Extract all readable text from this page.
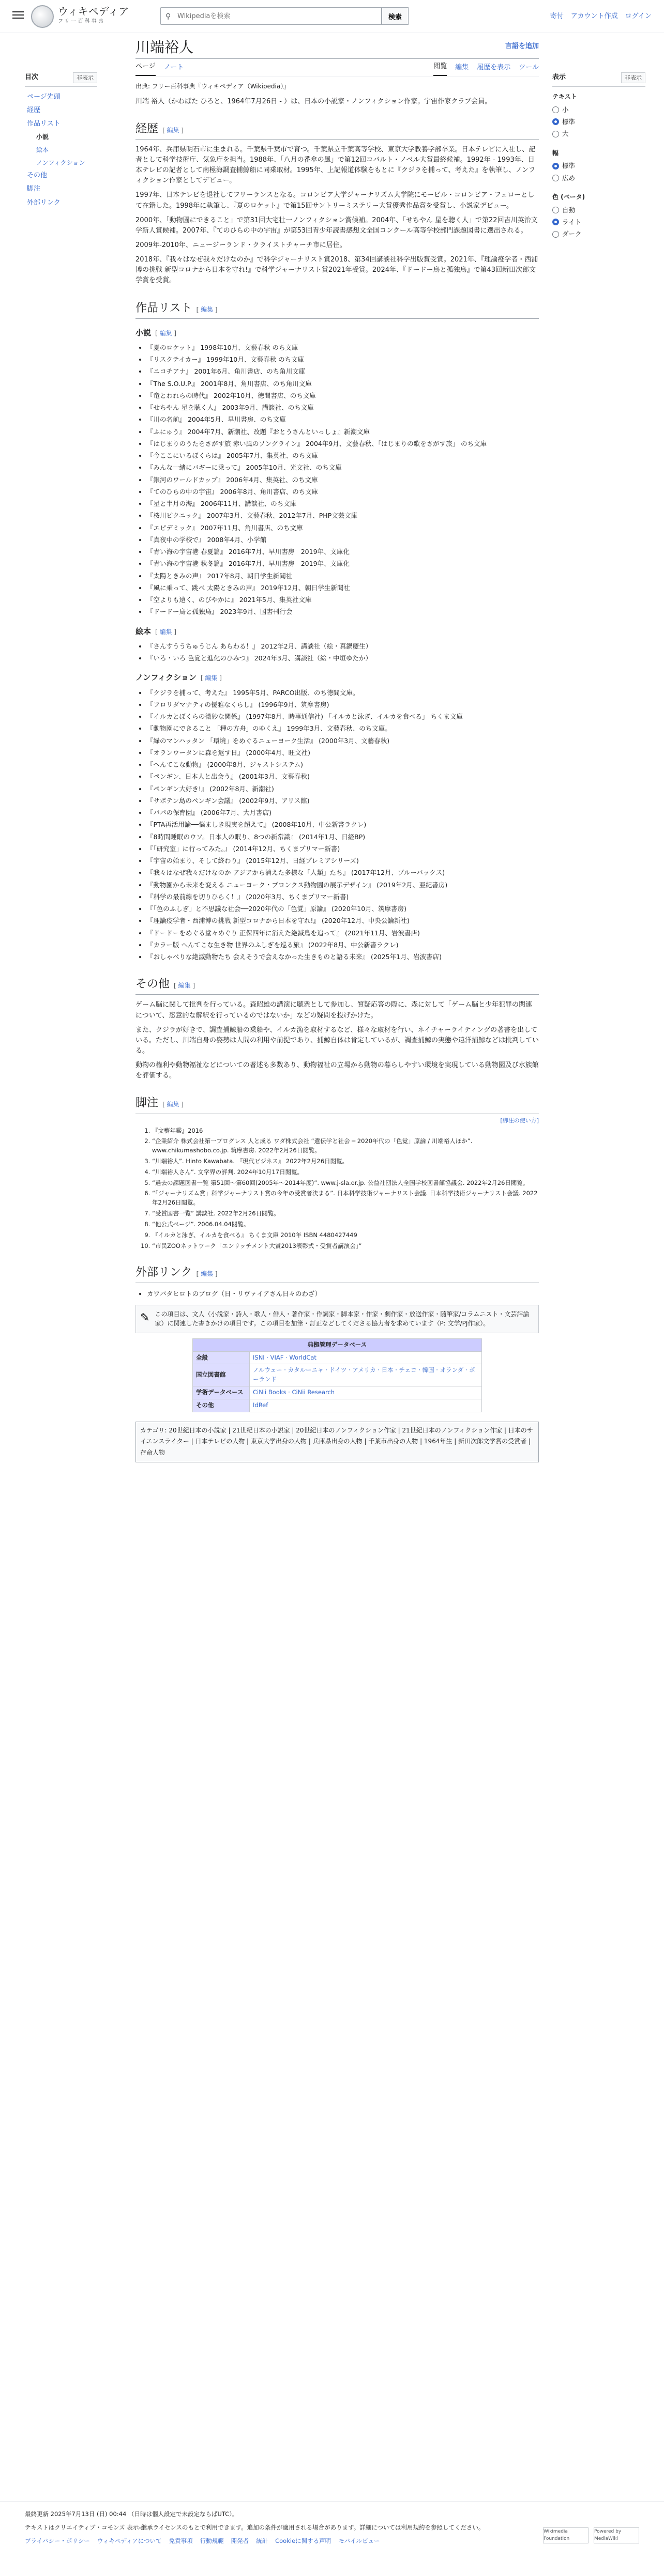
ウィキペディア
フリー百科事典
⚲
Wikipediaを検索	検索	寄付 アカウント作成 ログイン
目次	非表示
ページ先頭
経歴
作品リスト
小説
絵本
ノンフィクション
その他
脚注
外部リンク
川端裕人	言語を追加
ページ ノート	閲覧 編集 履歴を表示 ツール
出典: フリー百科事典『ウィキペディア（Wikipedia）』

川端 裕人（かわばた ひろと、1964年7月26日 - ）は、日本の小説家・ノンフィクション作家。宇宙作家クラブ会員。

経歴 [ 編集 ]

1964年、兵庫県明石市に生まれる。千葉県千葉市で育つ。千葉県立千葉高等学校、東京大学教養学部卒業。日本テレビに入社し、記者として科学技術庁、気象庁を担当。1988年、「八月の番傘の風」で第12回コバルト・ノベル大賞最終候補。1992年 - 1993年、日本テレビの記者として南極海調査捕鯨船に同乗取材。1995年、上記報道体験をもとに『クジラを捕って、考えた』を執筆し、ノンフィクション作家としてデビュー。

1997年、日本テレビを退社してフリーランスとなる。コロンビア大学ジャーナリズム大学院にモービル・コロンビア・フェローとして在籍した。1998年に執筆し、『夏のロケット』で第15回サントリーミステリー大賞優秀作品賞を受賞し、小説家デビュー。

2000年、「動物園にできること」で第31回大宅壮一ノンフィクション賞候補。2004年、「せちやん 星を聴く人」で第22回吉川英治文学新人賞候補。2007年、『てのひらの中の宇宙』が第53回青少年読書感想文全国コンクール高等学校部門課題図書に選出される。

2009年-2010年、ニュージーランド・クライストチャーチ市に居住。

2018年、『我々はなぜ我々だけなのか』で科学ジャーナリスト賞2018、第34回講談社科学出版賞受賞。2021年、『理論疫学者・西浦博の挑戦 新型コロナから日本を守れ!』で科学ジャーナリスト賞2021年受賞。2024年、『ドードー鳥と孤独鳥』で第43回新田次郎文学賞を受賞。

作品リスト [ 編集 ]
小説 [ 編集 ]
• 『夏のロケット』 1998年10月、文藝春秋 のち文庫
• 『リスクテイカー』 1999年10月、文藝春秋 のち文庫
• 『ニコチアナ』 2001年6月、角川書店、のち角川文庫
• 『The S.O.U.P.』 2001年8月、角川書店、のち角川文庫
• 『竜とわれらの時代』 2002年10月、徳間書店、のち文庫
• 『せちやん 星を聴く人』 2003年9月、講談社、のち文庫
• 『川の名前』 2004年5月、早川書房、のち文庫
• 『ふにゅう』 2004年7月、新潮社、改題『おとうさんといっしょ』新潮文庫
• 『はじまりのうたをさがす旅 赤い風のソングライン』 2004年9月、文藝春秋、「はじまりの歌をさがす旅」 のち文庫
• 『今ここにいるぼくらは』 2005年7月、集英社、のち文庫
• 『みんな一緒にバギーに乗って』 2005年10月、光文社、のち文庫
• 『銀河のワールドカップ』 2006年4月、集英社、のち文庫
• 『てのひらの中の宇宙』 2006年8月、角川書店、のち文庫
• 『星と半月の海』 2006年11月、講談社、のち文庫
• 『桜川ピクニック』 2007年3月、文藝春秋、2012年7月、PHP文芸文庫
• 『エピデミック』 2007年11月、角川書店、のち文庫
• 『真夜中の学校で』 2008年4月、小学館
• 『青い海の宇宙港 春夏篇』 2016年7月、早川書房　2019年、文庫化
• 『青い海の宇宙港 秋冬篇』 2016年7月、早川書房　2019年、文庫化
• 『太陽ときみの声』 2017年8月、朝日学生新聞社
• 『風に乗って、跳べ 太陽ときみの声』 2019年12月、朝日学生新聞社
• 『空よりも遠く、のびやかに』 2021年5月、集英社文庫
• 『ドードー鳥と孤独鳥』 2023年9月、国書刊行会
絵本 [ 編集 ]
• 『さんすううちゅうじん あらわる！』 2012年2月、講談社（絵・真鍋慶生）
• 『いろ・いろ 色覚と進化のひみつ』 2024年3月、講談社（絵・中垣ゆたか）
ノンフィクション [ 編集 ]
• 『クジラを捕って、考えた』 1995年5月、PARCO出版、のち徳間文庫。
• 『フロリダマナティの優雅なくらし』 (1996年9月、筑摩書房)
• 『イルカとぼくらの微妙な関係』 (1997年8月、時事通信社) 「イルカと泳ぎ、イルカを食べる」 ちくま文庫
• 『動物園にできること 「種の方舟」のゆくえ』 1999年3月、文藝春秋、のち文庫。
• 『緑のマンハッタン 「環境」をめぐるニューヨーク生活』 (2000年3月、文藝春秋)
• 『オランウータンに森を返す日』 (2000年4月、旺文社)
• 『へんてこな動物』 (2000年8月、ジャストシステム)
• 『ペンギン、日本人と出会う』 (2001年3月、文藝春秋)
• 『ペンギン大好き!』 (2002年8月、新潮社)
• 『サボテン島のペンギン会議』 (2002年9月、アリス館)
• 『パパの保育園』 (2006年7月、大月書店)
• 『PTA再活用論──悩ましき現実を超えて』 (2008年10月、中公新書ラクレ)
• 『8時間睡眠のウソ。日本人の眠り、8つの新常識』 (2014年1月、日経BP)
• 『「研究室」に行ってみた。』 (2014年12月、ちくまプリマー新書)
• 『宇宙の始まり、そして終わり』 (2015年12月、日経プレミアシリーズ)
• 『我々はなぜ我々だけなのか アジアから消えた多様な「人類」たち』 (2017年12月、ブルーバックス)
• 『動物園から未来を変える ニューヨーク・ブロンクス動物園の展示デザイン』 (2019年2月、亜紀書房)
• 『科学の最前線を切りひらく！』 (2020年3月、ちくまプリマー新書)
• 『「色のふしぎ」と不思議な社会──2020年代の「色覚」原論』 (2020年10月、筑摩書房)
• 『理論疫学者・西浦博の挑戦 新型コロナから日本を守れ!』 (2020年12月、中央公論新社)
• 『ドードーをめぐる堂々めぐり 正保四年に消えた絶滅鳥を追って』 (2021年11月、岩波書店)
• 『カラー版 へんてこな生き物 世界のふしぎを巡る旅』 (2022年8月、中公新書ラクレ)
• 『おしゃべりな絶滅動物たち 会えそうで会えなかった生きものと語る未来』 (2025年1月、岩波書店)
その他 [ 編集 ]

ゲーム脳に関して批判を行っている。森昭雄の講演に聴衆として参加し、質疑応答の際に、森に対して「ゲーム脳と少年犯罪の関連について、恣意的な解釈を行っているのではないか」などの疑問を投げかけた。

また、クジラが好きで、調査捕鯨船の乗船や、イルカ漁を取材するなど、様々な取材を行い、ネイチャーライティングの著書を出している。ただし、川端自身の姿勢は人間の利用や前提であり、捕鯨自体は肯定しているが、調査捕鯨の実態や遠洋捕鯨などは批判している。

動物の権利や動物福祉などについての著述も多数あり、動物福祉の立場から動物の暮らしやすい環境を実現している動物園及び水族館を評価する。

脚注 [ 編集 ]
[脚注の使い方]
1. 『文藝年鑑』2016
2. “企業紹介 株式会社第一プログレス 人と成る ワダ株式会社 “遺伝学と社会 ─ 2020年代の「色覚」原論 / 川端裕人ほか”. www.chikumashobo.co.jp. 筑摩書房. 2022年2月26日閲覧。
3. “川端裕人”. Hinto Kawabata. 『現代ビジネス』 2022年2月26日閲覧。
4. “川端裕人さん”. 文学界の評判. 2024年10月17日閲覧。
5. “過去の課題図書一覧 第51回～第60回(2005年～2014年度)”. www.j-sla.or.jp. 公益社団法人全国学校図書館協議会. 2022年2月26日閲覧。
6. “「ジャーナリズム賞」科学ジャーナリスト賞の今年の受賞者決まる”. 日本科学技術ジャーナリスト会議. 日本科学技術ジャーナリスト会議. 2022年2月26日閲覧。
7. “受賞図書一覧” 講談社. 2022年2月26日閲覧。
8. “他公式ページ”. 2006.04.04閲覧。
9. 『イルカと泳ぎ、イルカを食べる』 ちくま文庫 2010年 ISBN 4480427449
10. “市民ZOOネットワーク「エンリッチメント大賞2013表彰式・受賞者講演会」”
外部リンク [ 編集 ]
• カワバタヒロトのブログ（日・リヴァイアさん日々のわざ）
✎ この項目は、文人（小説家・詩人・歌人・俳人・著作家・作詞家・脚本家・作家・劇作家・放送作家・随筆家/コラムニスト・文芸評論家）に関連した書きかけの項目です。この項目を加筆・訂正などしてくださる協力者を求めています（P: 文学/PJ作家）。
典拠管理データベース	
全般	ISNI · VIAF · WorldCat
国立図書館	ノルウェー · カタルーニャ · ドイツ · アメリカ · 日本 · チェコ · 韓国 · オランダ · ポーランド
学術データベース	CiNii Books · CiNii Research
その他	IdRef
カテゴリ: 20世紀日本の小説家 | 21世紀日本の小説家 | 20世紀日本のノンフィクション作家 | 21世紀日本のノンフィクション作家 | 日本のサイエンスライター | 日本テレビの人物 | 東京大学出身の人物 | 兵庫県出身の人物 | 千葉市出身の人物 | 1964年生 | 新田次郎文学賞の受賞者 | 存命人物
表示	非表示
テキスト
小
標準
大
幅
標準
広め
色 (ベータ)
自動
ライト
ダーク
最終更新 2025年7月13日 (日) 00:44 （日時は個人設定で未設定ならばUTC）。
テキストはクリエイティブ・コモンズ 表示-継承ライセンスのもとで利用できます。追加の条件が適用される場合があります。詳細については利用規約を参照してください。
プライバシー・ポリシー ウィキペディアについて 免責事項 行動規範 開発者 統計 Cookieに関する声明 モバイルビュー
Wikimedia Foundation
Powered by MediaWiki
